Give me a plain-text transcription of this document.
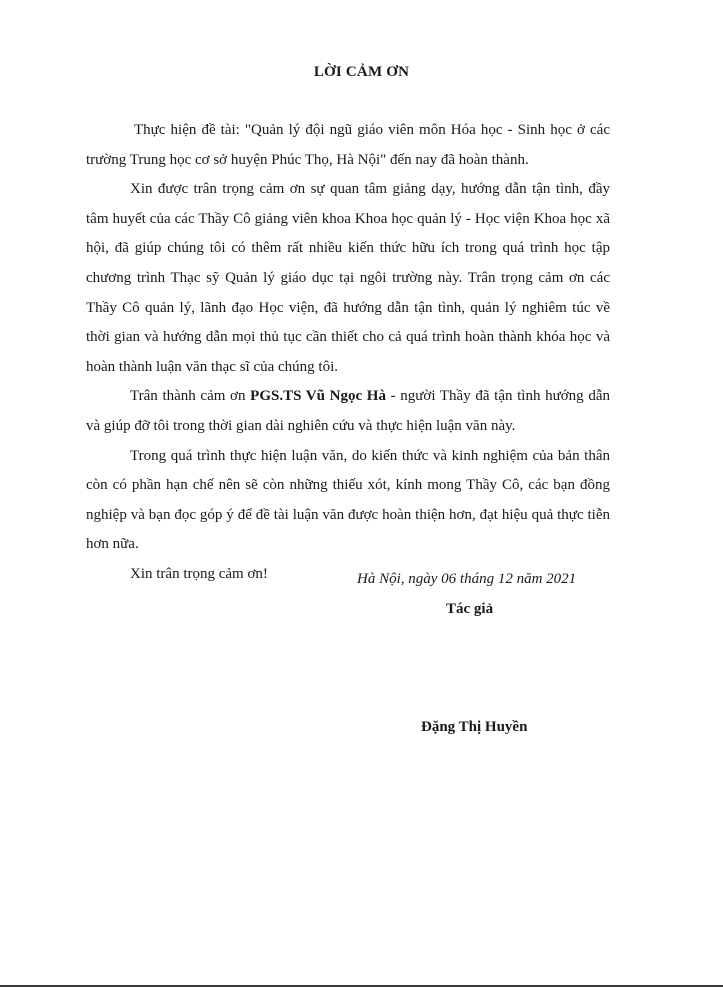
LỜI CẢM ƠN

Thực hiện đề tài: "Quản lý đội ngũ giáo viên môn Hóa học - Sinh học ở các trường Trung học cơ sở huyện Phúc Thọ, Hà Nội" đến nay đã hoàn thành.

Xin được trân trọng cảm ơn sự quan tâm giảng dạy, hướng dẫn tận tình, đầy tâm huyết của các Thầy Cô giảng viên khoa Khoa học quản lý - Học viện Khoa học xã hội, đã giúp chúng tôi có thêm rất nhiều kiến thức hữu ích trong quá trình học tập chương trình Thạc sỹ Quản lý giáo dục tại ngôi trường này. Trân trọng cảm ơn các Thầy Cô quản lý, lãnh đạo Học viện, đã hướng dẫn tận tình, quản lý nghiêm túc về thời gian và hướng dẫn mọi thủ tục cần thiết cho cả quá trình hoàn thành khóa học và hoàn thành luận văn thạc sĩ của chúng tôi.

Trân thành cảm ơn PGS.TS Vũ Ngọc Hà - người Thầy đã tận tình hướng dẫn và giúp đỡ tôi trong thời gian dài nghiên cứu và thực hiện luận văn này.

Trong quá trình thực hiện luận văn, do kiến thức và kinh nghiệm của bản thân còn có phần hạn chế nên sẽ còn những thiếu xót, kính mong Thầy Cô, các bạn đồng nghiệp và bạn đọc góp ý để đề tài luận văn được hoàn thiện hơn, đạt hiệu quả thực tiễn hơn nữa.

Xin trân trọng cảm ơn!	Hà Nội, ngày 06 tháng 12 năm 2021
Tác giả
Đặng Thị Huyền
